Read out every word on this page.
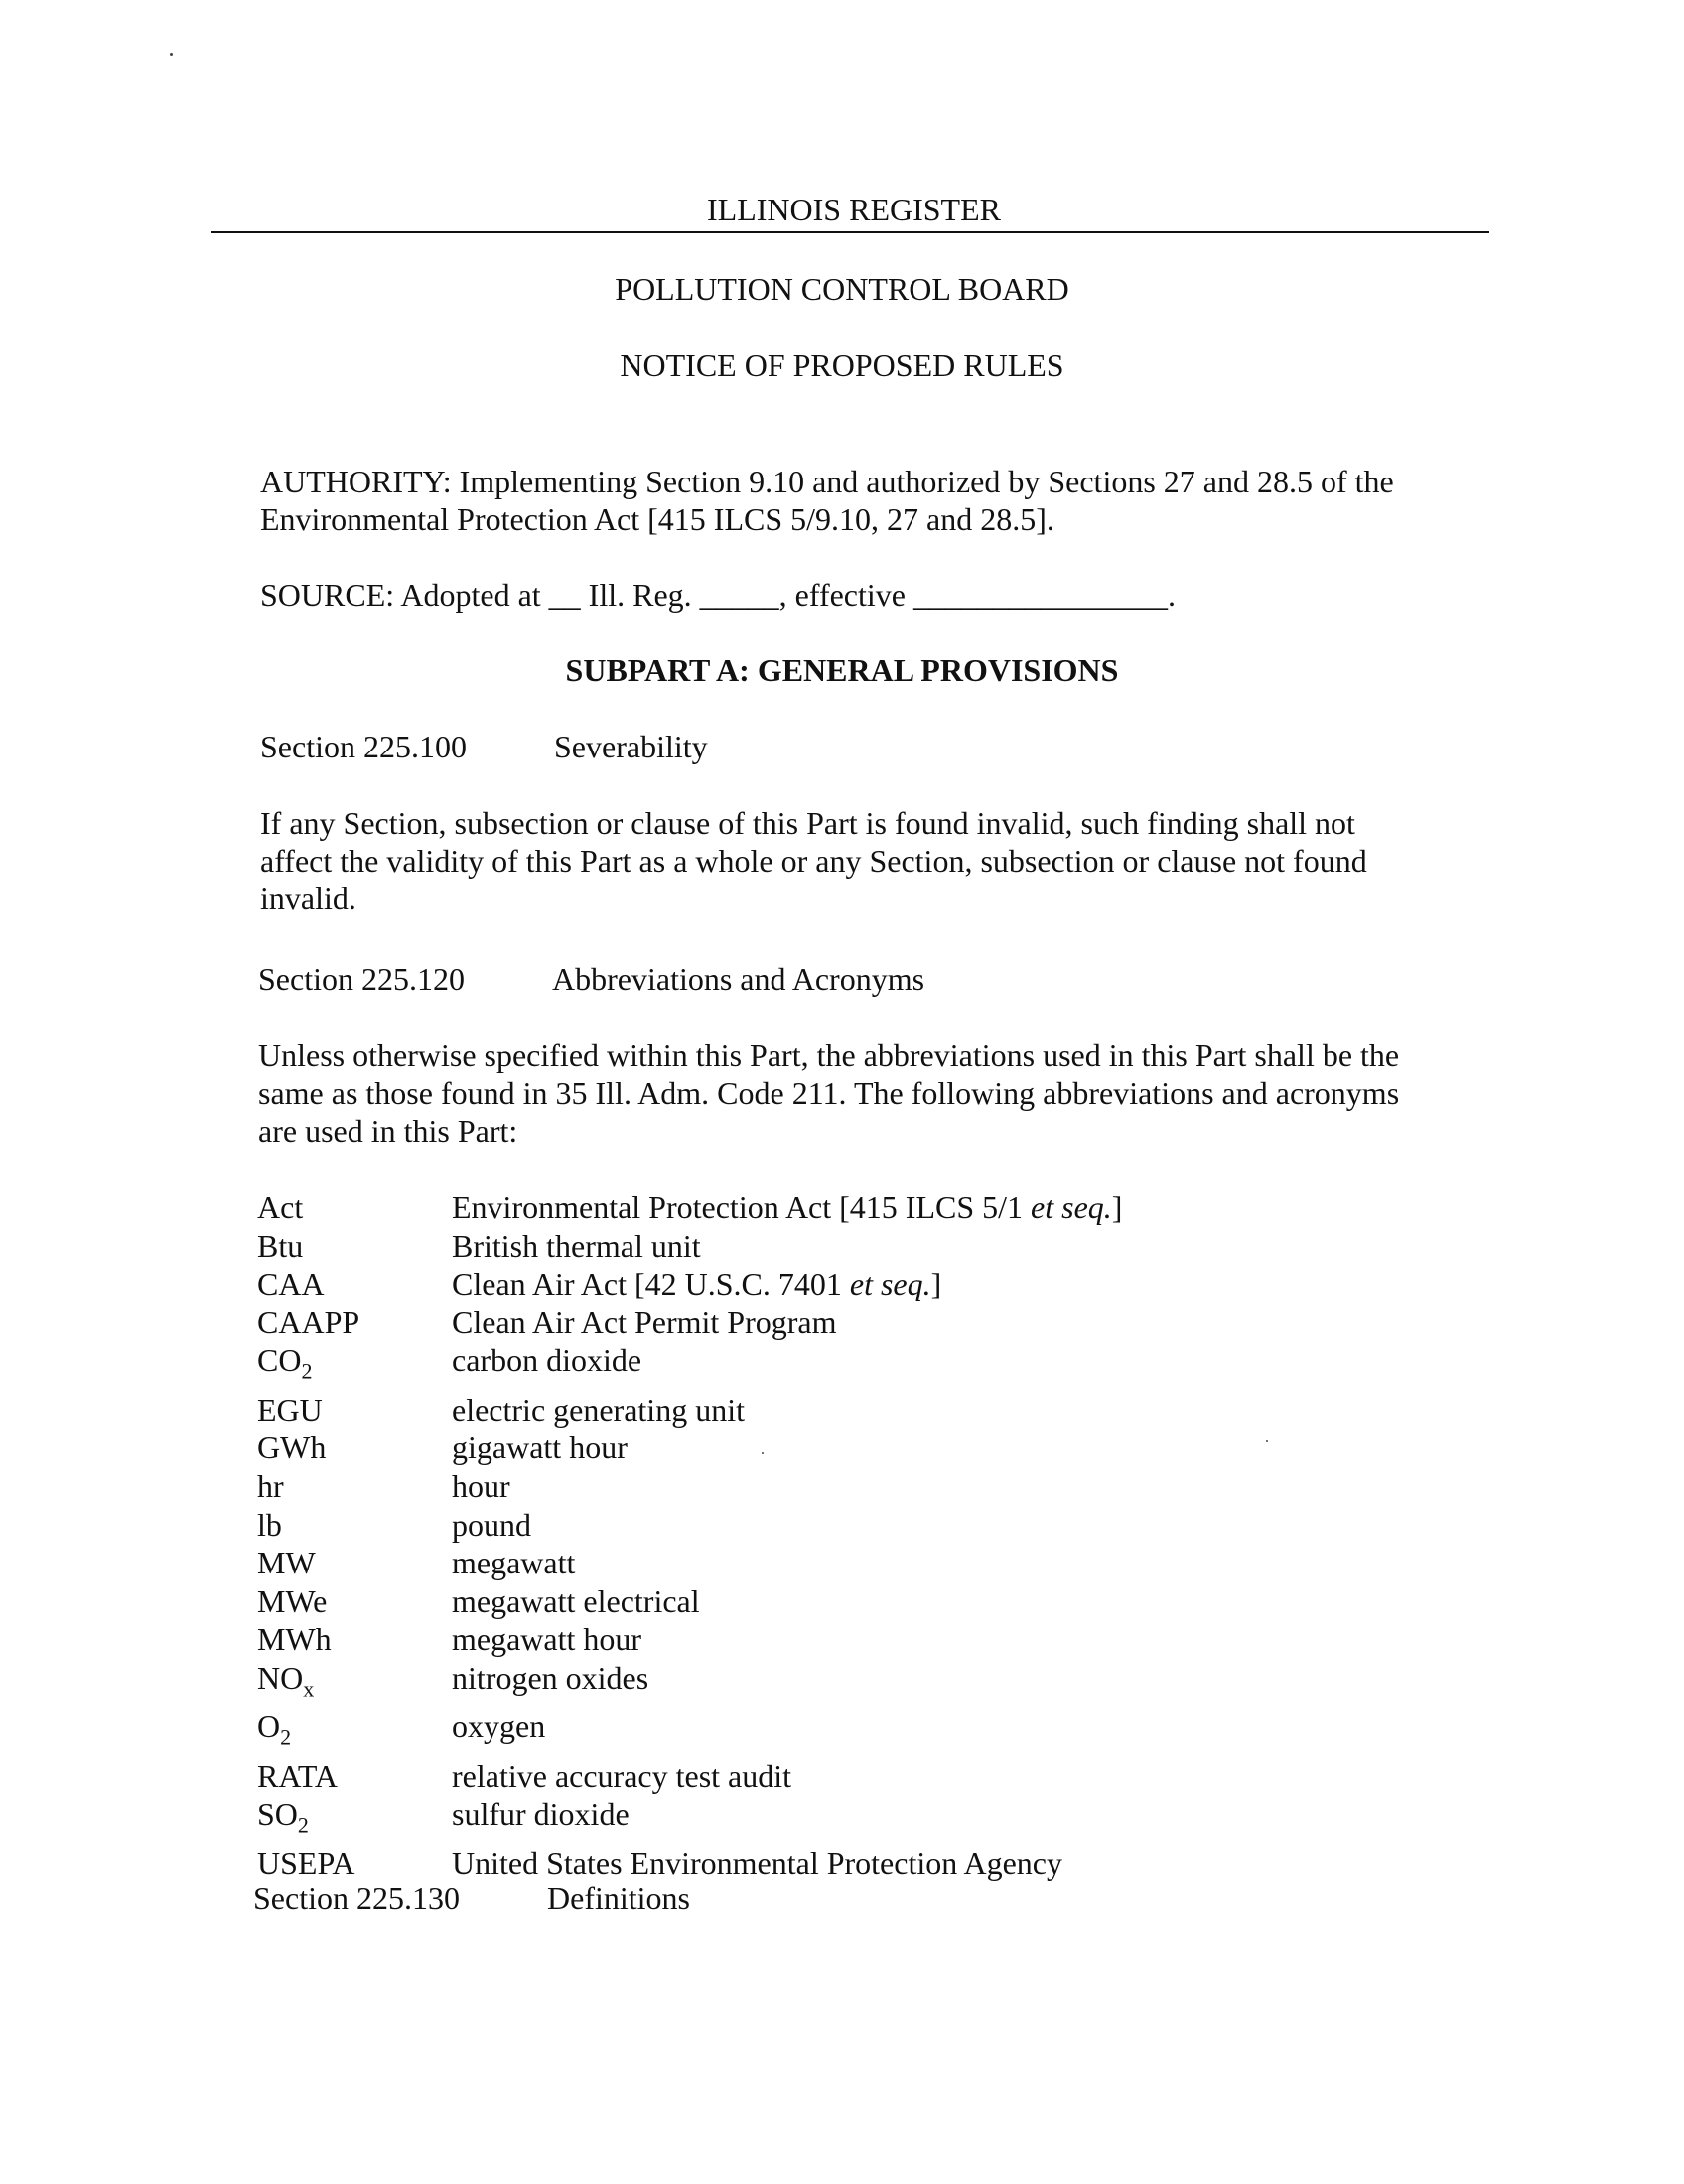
ILLINOIS REGISTER
POLLUTION CONTROL BOARD
NOTICE OF PROPOSED RULES
AUTHORITY: Implementing Section 9.10 and authorized by Sections 27 and 28.5 of the Environmental Protection Act [415 ILCS 5/9.10, 27 and 28.5].
SOURCE: Adopted at __ Ill. Reg. _____, effective ________________.
SUBPART A: GENERAL PROVISIONS
Section 225.100	Severability
If any Section, subsection or clause of this Part is found invalid, such finding shall not affect the validity of this Part as a whole or any Section, subsection or clause not found invalid.
Section 225.120	Abbreviations and Acronyms
Unless otherwise specified within this Part, the abbreviations used in this Part shall be the same as those found in 35 Ill. Adm. Code 211. The following abbreviations and acronyms are used in this Part:
Act	Environmental Protection Act [415 ILCS 5/1 et seq.]
Btu	British thermal unit
CAA	Clean Air Act [42 U.S.C. 7401 et seq.]
CAAPP	Clean Air Act Permit Program
$CO_2$	carbon dioxide
EGU	electric generating unit
GWh	gigawatt hour
hr	hour
lb	pound
MW	megawatt
MWe	megawatt electrical
MWh	megawatt hour
$NO_x$	nitrogen oxides
$O_2$	oxygen
RATA	relative accuracy test audit
$SO_2$	sulfur dioxide
USEPA	United States Environmental Protection Agency
Section 225.130	Definitions
